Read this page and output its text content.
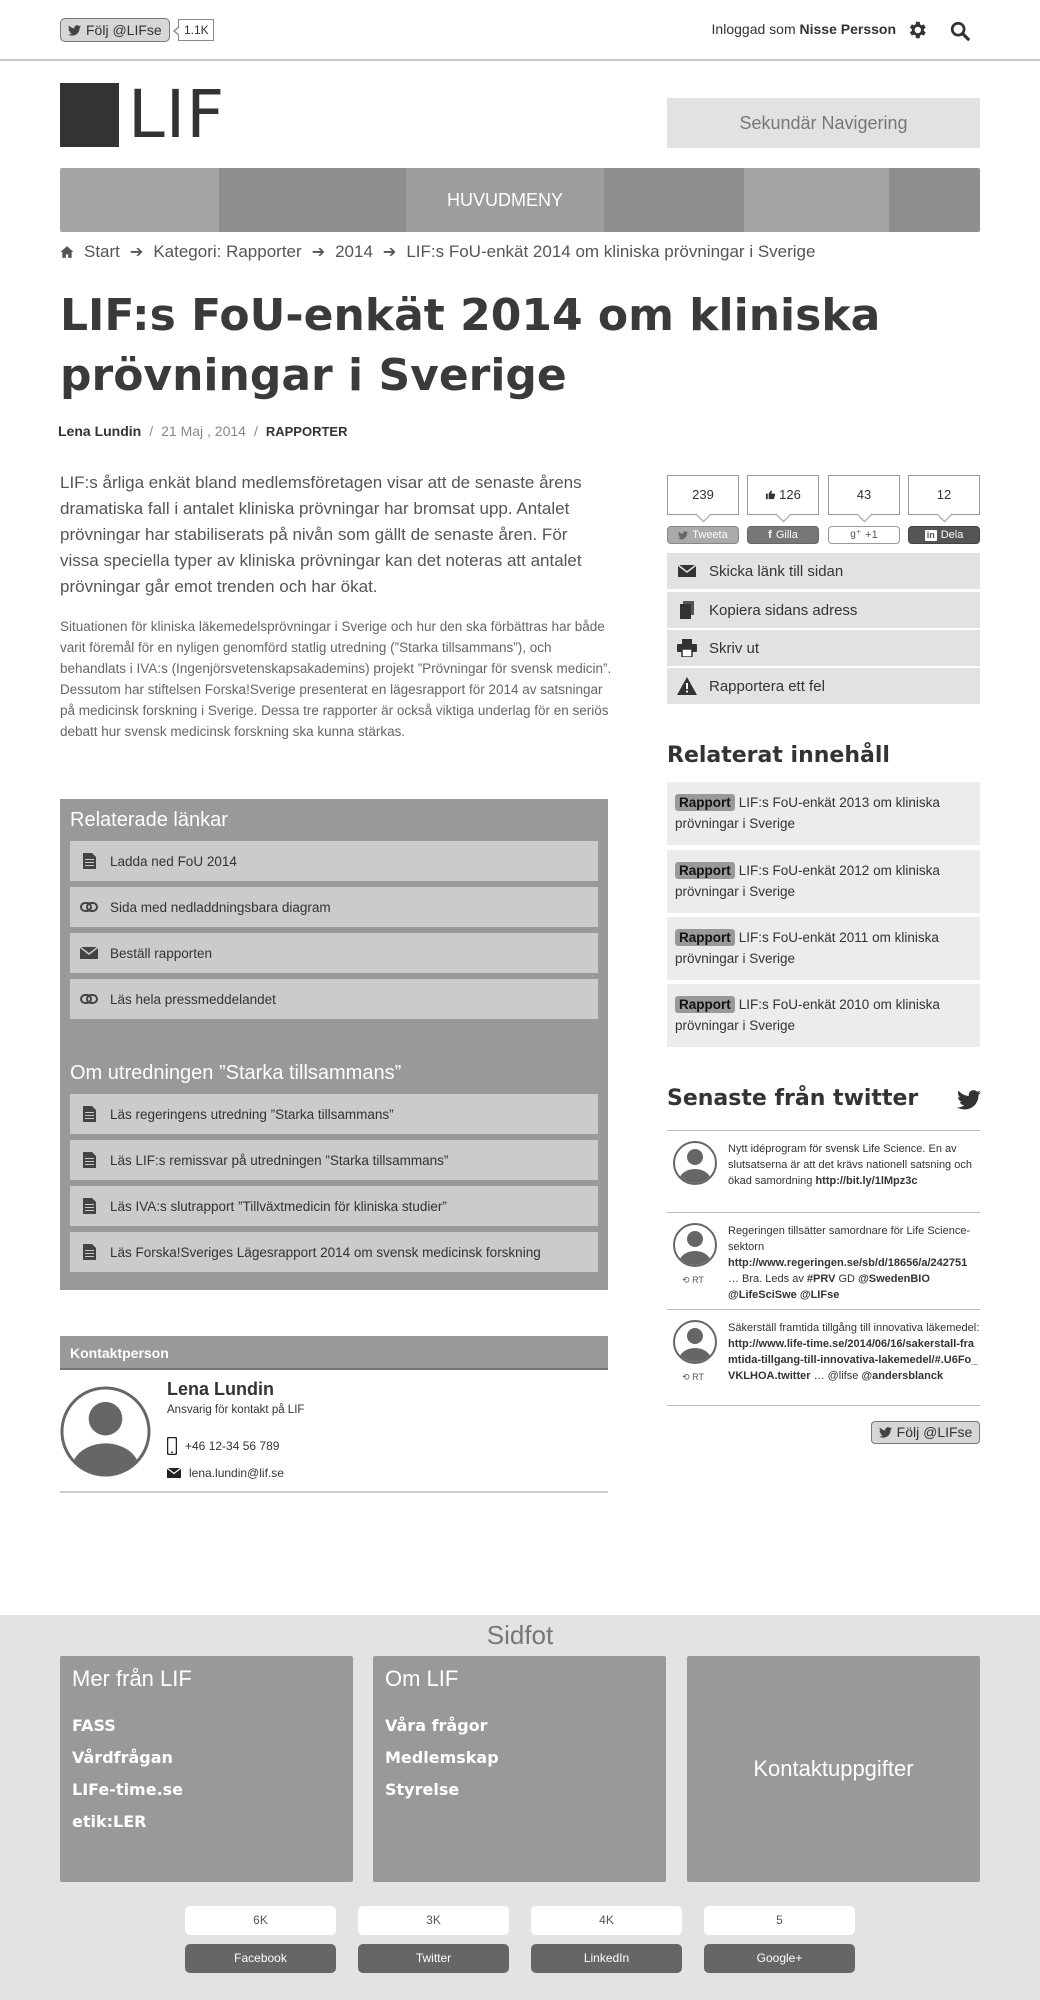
Följ @LIFse	1.1K	Inloggad som Nisse Persson
LIF	Sekundär Navigering
HUVUDMENY
Start ➔ Kategori: Rapporter ➔ 2014 ➔ LIF:s FoU-enkät 2014 om kliniska prövningar i Sverige
LIF:s FoU-enkät 2014 om kliniska prövningar i Sverige
Lena Lundin / 21 Maj , 2014 / RAPPORTER

LIF:s årliga enkät bland medlemsföretagen visar att de senaste årens dramatiska fall i antalet kliniska prövningar har bromsat upp. Antalet prövningar har stabiliserats på nivån som gällt de senaste åren. För vissa speciella typer av kliniska prövningar kan det noteras att antalet prövningar går emot trenden och har ökat.

Situationen för kliniska läkemedelsprövningar i Sverige och hur den ska förbättras har både varit föremål för en nyligen genomförd statlig utredning (”Starka tillsammans”), och behandlats i IVA:s (Ingenjörsvetenskapsakademins) projekt ”Prövningar för svensk medicin”. Dessutom har stiftelsen Forska!Sverige presenterat en lägesrapport för 2014 av satsningar på medicinsk forskning i Sverige. Dessa tre rapporter är också viktiga underlag för en seriös debatt hur svensk medicinsk forskning ska kunna stärkas.

Relaterade länkar
Ladda ned FoU 2014
Sida med nedladdningsbara diagram
Beställ rapporten
Läs hela pressmeddelandet
Om utredningen ”Starka tillsammans”
Läs regeringens utredning ”Starka tillsammans”
Läs LIF:s remissvar på utredningen ”Starka tillsammans”
Läs IVA:s slutrapport ”Tillväxtmedicin för kliniska studier”
Läs Forska!Sveriges Lägesrapport 2014 om svensk medicinsk forskning
Kontaktperson
Lena Lundin
Ansvarig för kontakt på LIF
+46 12-34 56 789
lena.lundin@lif.se
239	126	43	12
Tweeta	f Gilla	g⁺ +1	in Dela
Skicka länk till sidan
Kopiera sidans adress
Skriv ut
Rapportera ett fel
Relaterat innehåll
Rapport LIF:s FoU-enkät 2013 om kliniska prövningar i Sverige
Rapport LIF:s FoU-enkät 2012 om kliniska prövningar i Sverige
Rapport LIF:s FoU-enkät 2011 om kliniska prövningar i Sverige
Rapport LIF:s FoU-enkät 2010 om kliniska prövningar i Sverige
Senaste från twitter
Nytt idéprogram för svensk Life Science. En av slutsatserna är att det krävs nationell satsning och ökad samordning http://bit.ly/1lMpz3c
⟲ RT
Regeringen tillsätter samordnare för Life Science-sektorn http://www.regeringen.se/sb/d/18656/a/242751 … Bra. Leds av #PRV GD @SwedenBIO @LifeSciSwe @LIFse
⟲ RT
Säkerställ framtida tillgång till innovativa läkemedel: http://www.life-time.se/2014/06/16/sakerstall-framtida-tillgang-till-innovativa-lakemedel/#.U6Fo_VKLHOA.twitter … @lifse @andersblanck
Följ @LIFse
Sidfot
Mer från LIF
FASS
Vårdfrågan
LIFe-time.se
etik:LER
Om LIF
Våra frågor
Medlemskap
Styrelse
Kontaktuppgifter
6K	3K	4K	5
Facebook	Twitter	LinkedIn	Google+
